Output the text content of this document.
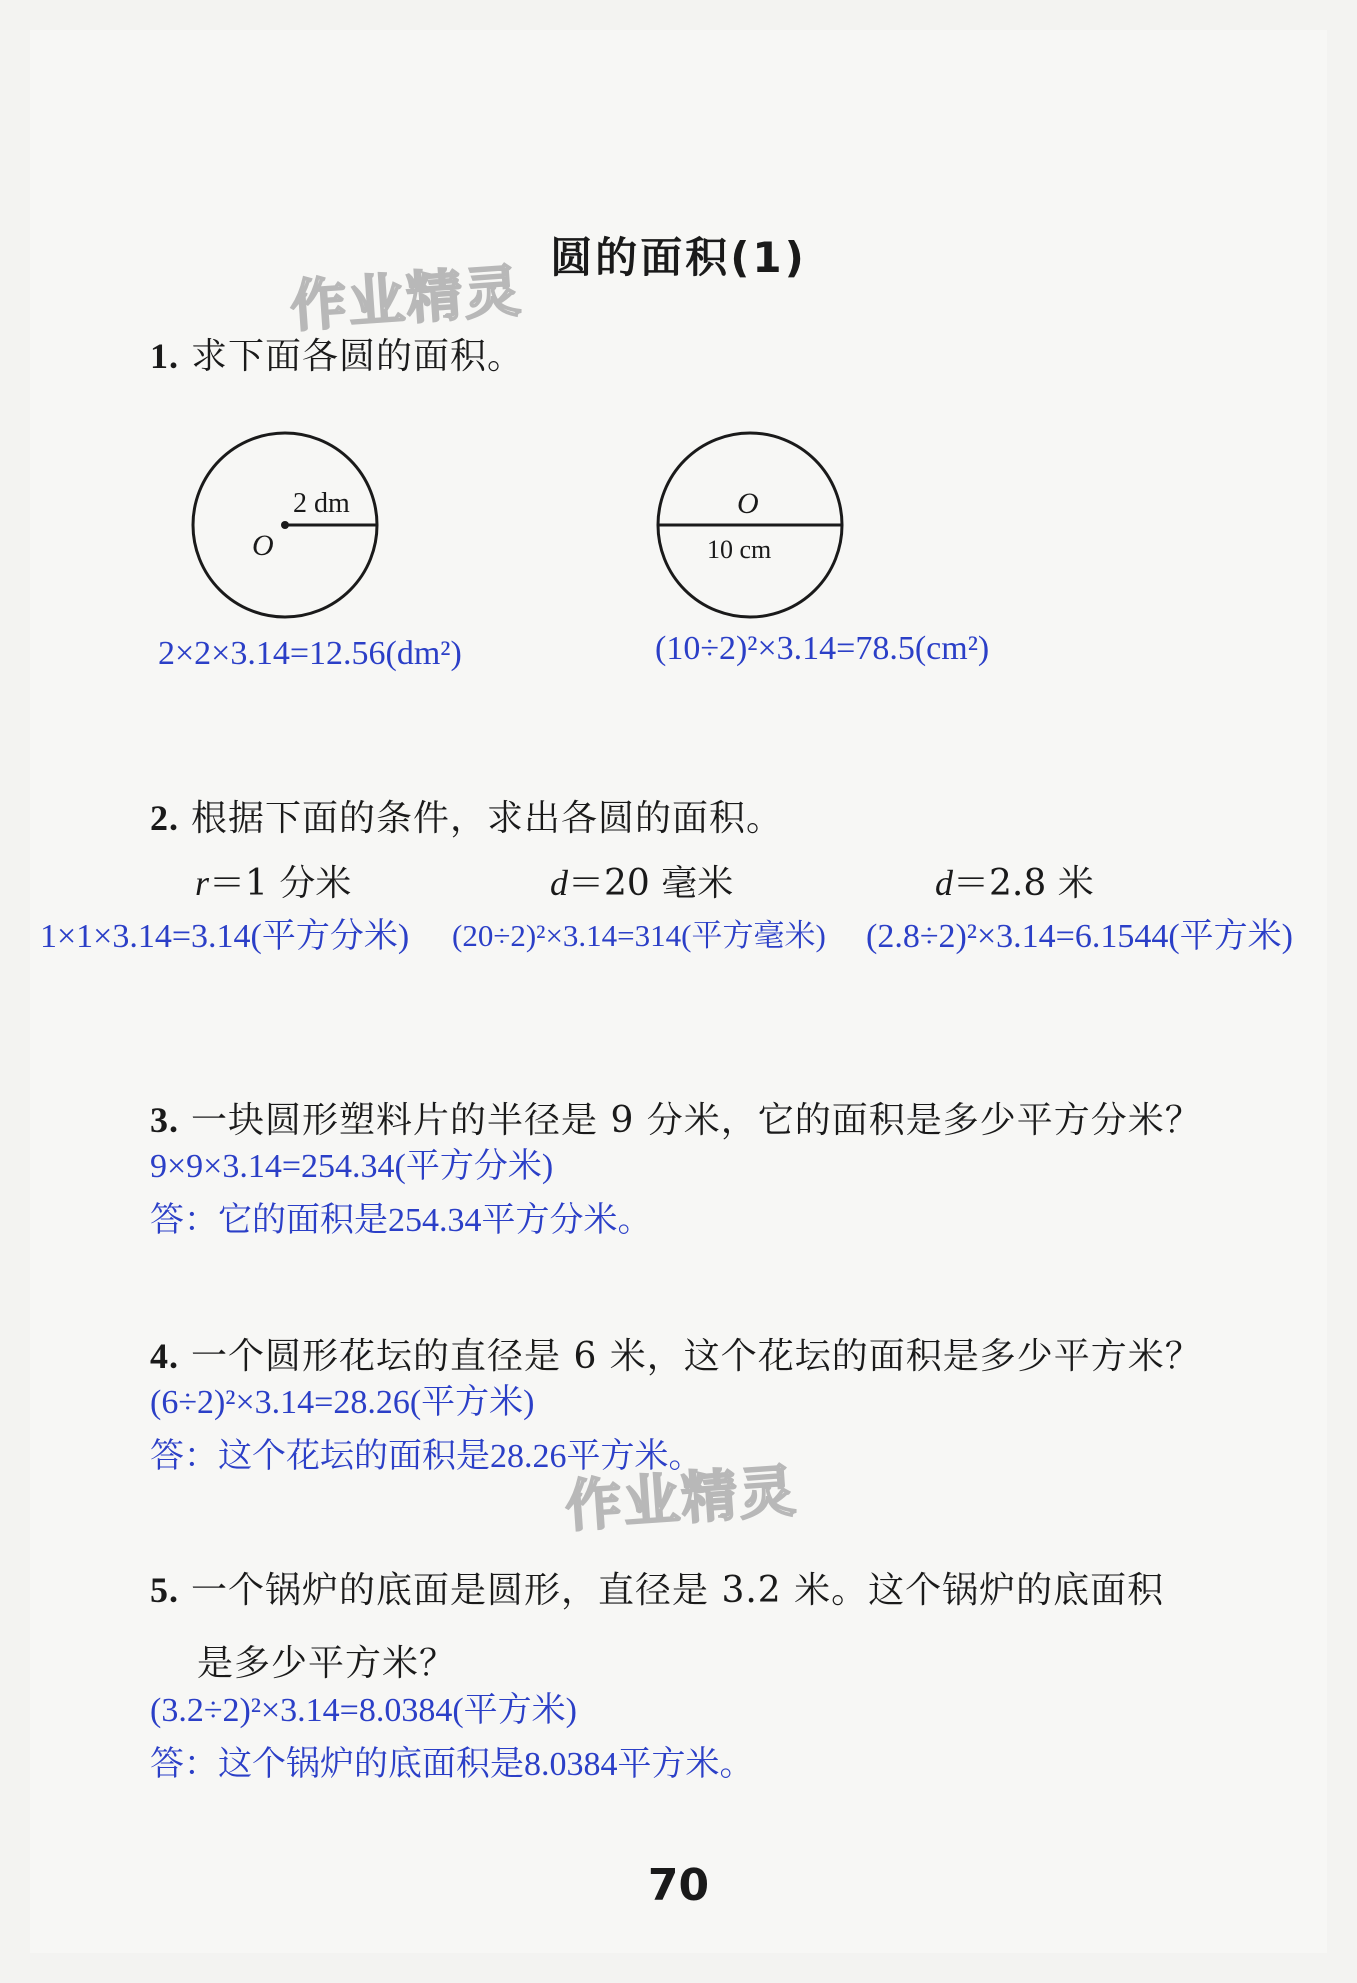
圆的面积(1)
作业精灵
1. 求下面各圆的面积。
2 dm
O
O
10 cm
2×2×3.14=12.56(dm²)	(10÷2)²×3.14=78.5(cm²)
2. 根据下面的条件，求出各圆的面积。
r＝1 分米	d＝20 毫米	d＝2.8 米
1×1×3.14=3.14(平方分米) (20÷2)²×3.14=314(平方毫米) (2.8÷2)²×3.14=6.1544(平方米)
3. 一块圆形塑料片的半径是 9 分米，它的面积是多少平方分米？
9×9×3.14=254.34(平方分米)
答：它的面积是254.34平方分米。
4. 一个圆形花坛的直径是 6 米，这个花坛的面积是多少平方米？
(6÷2)²×3.14=28.26(平方米)
答：这个花坛的面积是28.26平方米。
作业精灵
5. 一个锅炉的底面是圆形，直径是 3.2 米。这个锅炉的底面积
是多少平方米？
(3.2÷2)²×3.14=8.0384(平方米)
答：这个锅炉的底面积是8.0384平方米。
70
